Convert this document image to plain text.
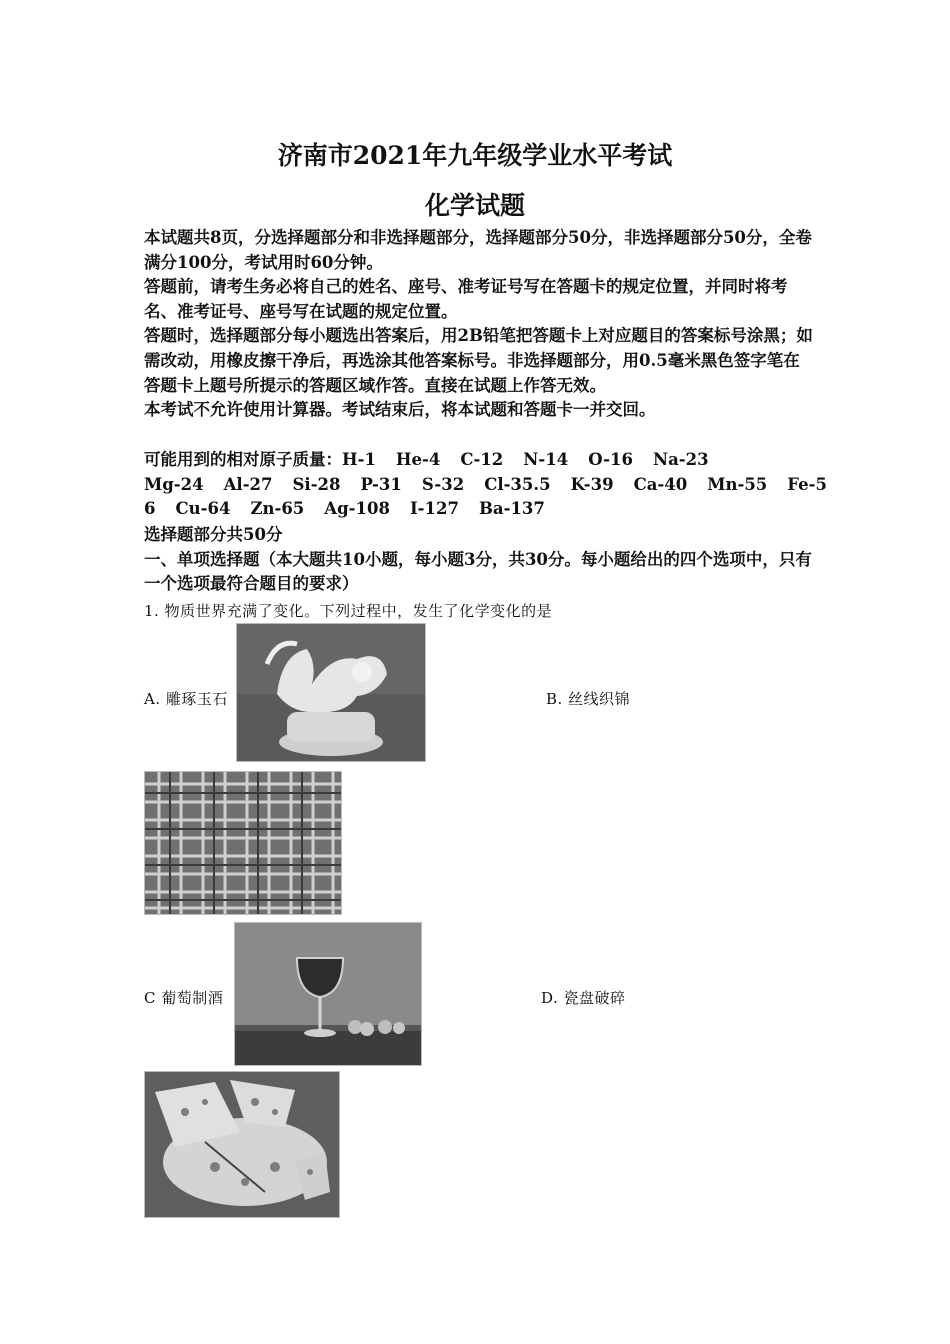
济南市2021年九年级学业水平考试
化学试题

本试题共8页，分选择题部分和非选择题部分，选择题部分50分，非选择题部分50分，全卷满分100分，考试用时60分钟。

答题前，请考生务必将自己的姓名、座号、准考证号写在答题卡的规定位置，并同时将考名、准考证号、座号写在试题的规定位置。

答题时，选择题部分每小题选出答案后，用2B铅笔把答题卡上对应题目的答案标号涂黑；如需改动，用橡皮擦干净后，再选涂其他答案标号。非选择题部分，用0.5毫米黑色签字笔在答题卡上题号所提示的答题区域作答。直接在试题上作答无效。

本考试不允许使用计算器。考试结束后，将本试题和答题卡一并交回。

可能用到的相对原子质量：H-1 He-4 C-12 N-14 O-16 Na-23
Mg-24 Al-27 Si-28 P-31 S-32 Cl-35.5 K-39 Ca-40 Mn-55 Fe-5
6 Cu-64 Zn-65 Ag-108 I-127 Ba-137

选择题部分共50分

一、单项选择题（本大题共10小题，每小题3分，共30分。每小题给出的四个选项中，只有一个选项最符合题目的要求）

1. 物质世界充满了变化。下列过程中，发生了化学变化的是
A. 雕琢玉石	B. 丝线织锦
C 葡萄制酒	D. 瓷盘破碎
